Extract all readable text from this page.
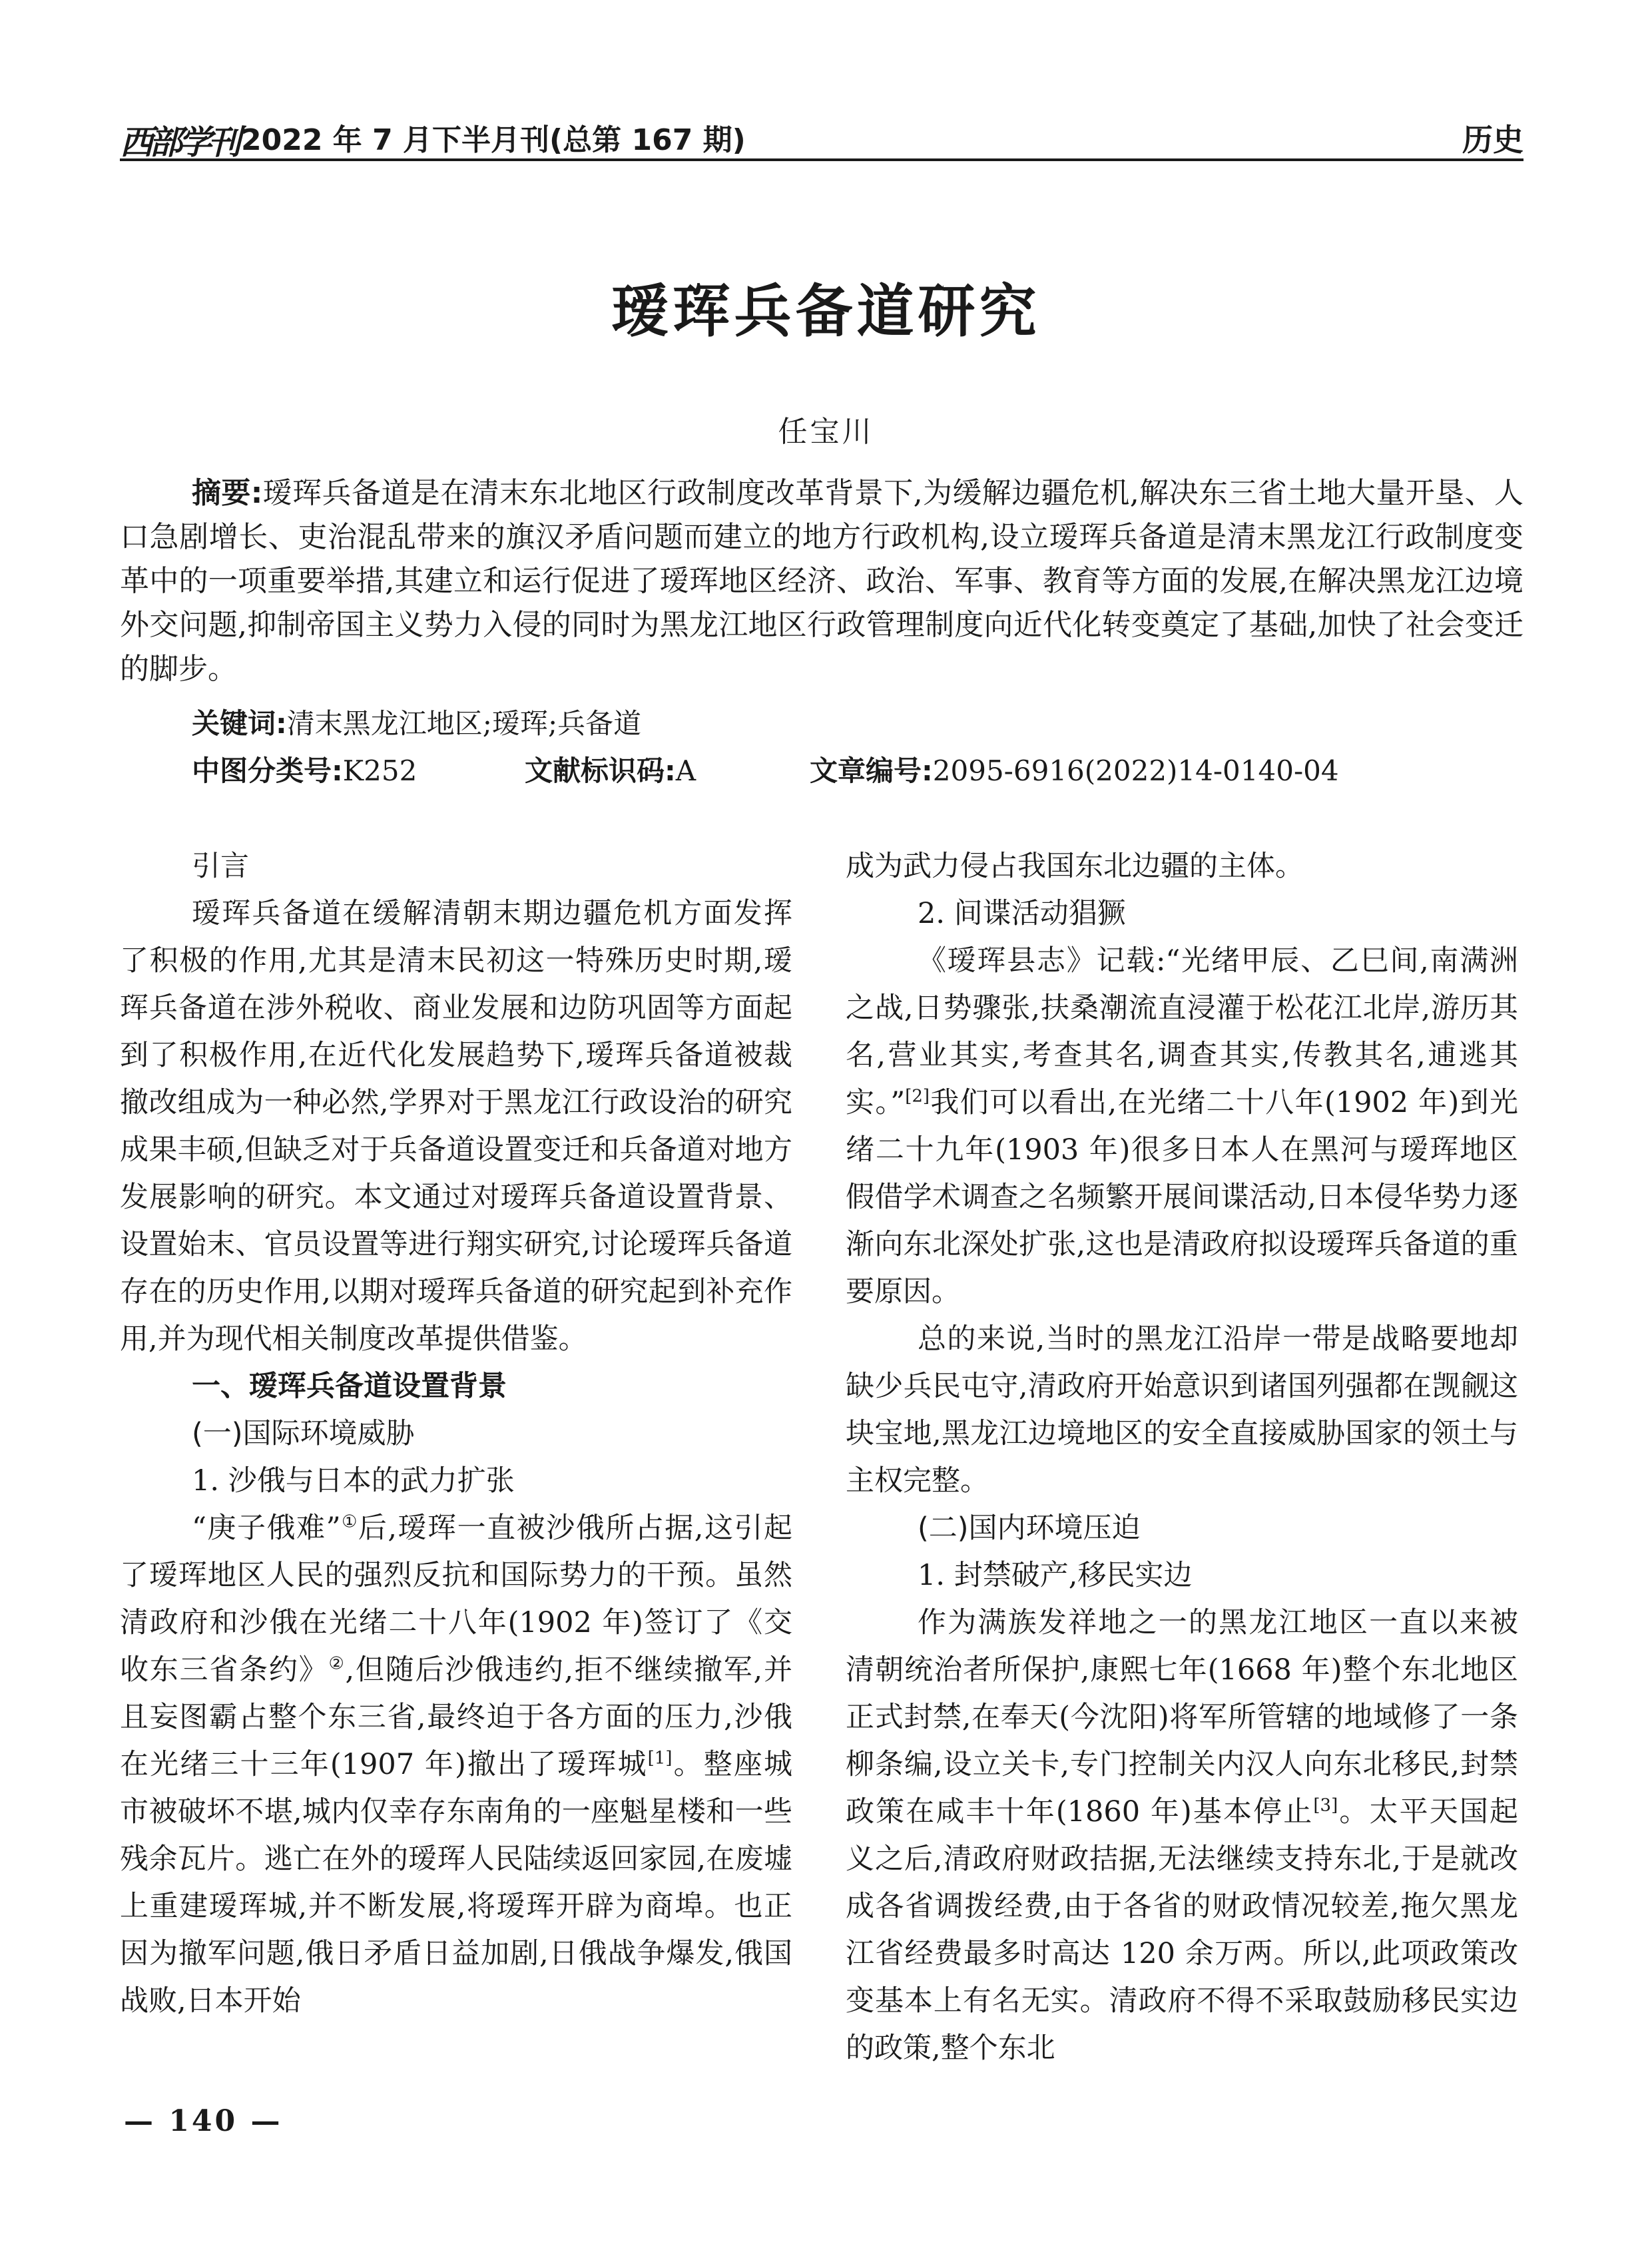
西部学刊 2022 年 7 月下半月刊(总第 167 期)	历史
瑷珲兵备道研究
任宝川

摘要:瑷珲兵备道是在清末东北地区行政制度改革背景下,为缓解边疆危机,解决东三省土地大量开垦、人口急剧增长、吏治混乱带来的旗汉矛盾问题而建立的地方行政机构,设立瑷珲兵备道是清末黑龙江行政制度变革中的一项重要举措,其建立和运行促进了瑷珲地区经济、政治、军事、教育等方面的发展,在解决黑龙江边境外交问题,抑制帝国主义势力入侵的同时为黑龙江地区行政管理制度向近代化转变奠定了基础,加快了社会变迁的脚步。

关键词:清末黑龙江地区;瑷珲;兵备道
中图分类号:K252	文献标识码:A	文章编号:2095-6916(2022)14-0140-04

引言

瑷珲兵备道在缓解清朝末期边疆危机方面发挥了积极的作用,尤其是清末民初这一特殊历史时期,瑷珲兵备道在涉外税收、商业发展和边防巩固等方面起到了积极作用,在近代化发展趋势下,瑷珲兵备道被裁撤改组成为一种必然,学界对于黑龙江行政设治的研究成果丰硕,但缺乏对于兵备道设置变迁和兵备道对地方发展影响的研究。本文通过对瑷珲兵备道设置背景、设置始末、官员设置等进行翔实研究,讨论瑷珲兵备道存在的历史作用,以期对瑷珲兵备道的研究起到补充作用,并为现代相关制度改革提供借鉴。

一、瑷珲兵备道设置背景

(一)国际环境威胁

1. 沙俄与日本的武力扩张

“庚子俄难”①后,瑷珲一直被沙俄所占据,这引起了瑷珲地区人民的强烈反抗和国际势力的干预。虽然清政府和沙俄在光绪二十八年(1902 年)签订了《交收东三省条约》②,但随后沙俄违约,拒不继续撤军,并且妄图霸占整个东三省,最终迫于各方面的压力,沙俄在光绪三十三年(1907 年)撤出了瑷珲城[1]。整座城市被破坏不堪,城内仅幸存东南角的一座魁星楼和一些残余瓦片。逃亡在外的瑷珲人民陆续返回家园,在废墟上重建瑷珲城,并不断发展,将瑷珲开辟为商埠。也正因为撤军问题,俄日矛盾日益加剧,日俄战争爆发,俄国战败,日本开始

成为武力侵占我国东北边疆的主体。

2. 间谍活动猖獗

《瑷珲县志》记载:“光绪甲辰、乙巳间,南满洲之战,日势骤张,扶桑潮流直浸灌于松花江北岸,游历其名,营业其实,考查其名,调查其实,传教其名,逋逃其实。”[2]我们可以看出,在光绪二十八年(1902 年)到光绪二十九年(1903 年)很多日本人在黑河与瑷珲地区假借学术调查之名频繁开展间谍活动,日本侵华势力逐渐向东北深处扩张,这也是清政府拟设瑷珲兵备道的重要原因。

总的来说,当时的黑龙江沿岸一带是战略要地却缺少兵民屯守,清政府开始意识到诸国列强都在觊觎这块宝地,黑龙江边境地区的安全直接威胁国家的领土与主权完整。

(二)国内环境压迫

1. 封禁破产,移民实边

作为满族发祥地之一的黑龙江地区一直以来被清朝统治者所保护,康熙七年(1668 年)整个东北地区正式封禁,在奉天(今沈阳)将军所管辖的地域修了一条柳条编,设立关卡,专门控制关内汉人向东北移民,封禁政策在咸丰十年(1860 年)基本停止[3]。太平天国起义之后,清政府财政拮据,无法继续支持东北,于是就改成各省调拨经费,由于各省的财政情况较差,拖欠黑龙江省经费最多时高达 120 余万两。所以,此项政策改变基本上有名无实。清政府不得不采取鼓励移民实边的政策,整个东北

— 140 —
